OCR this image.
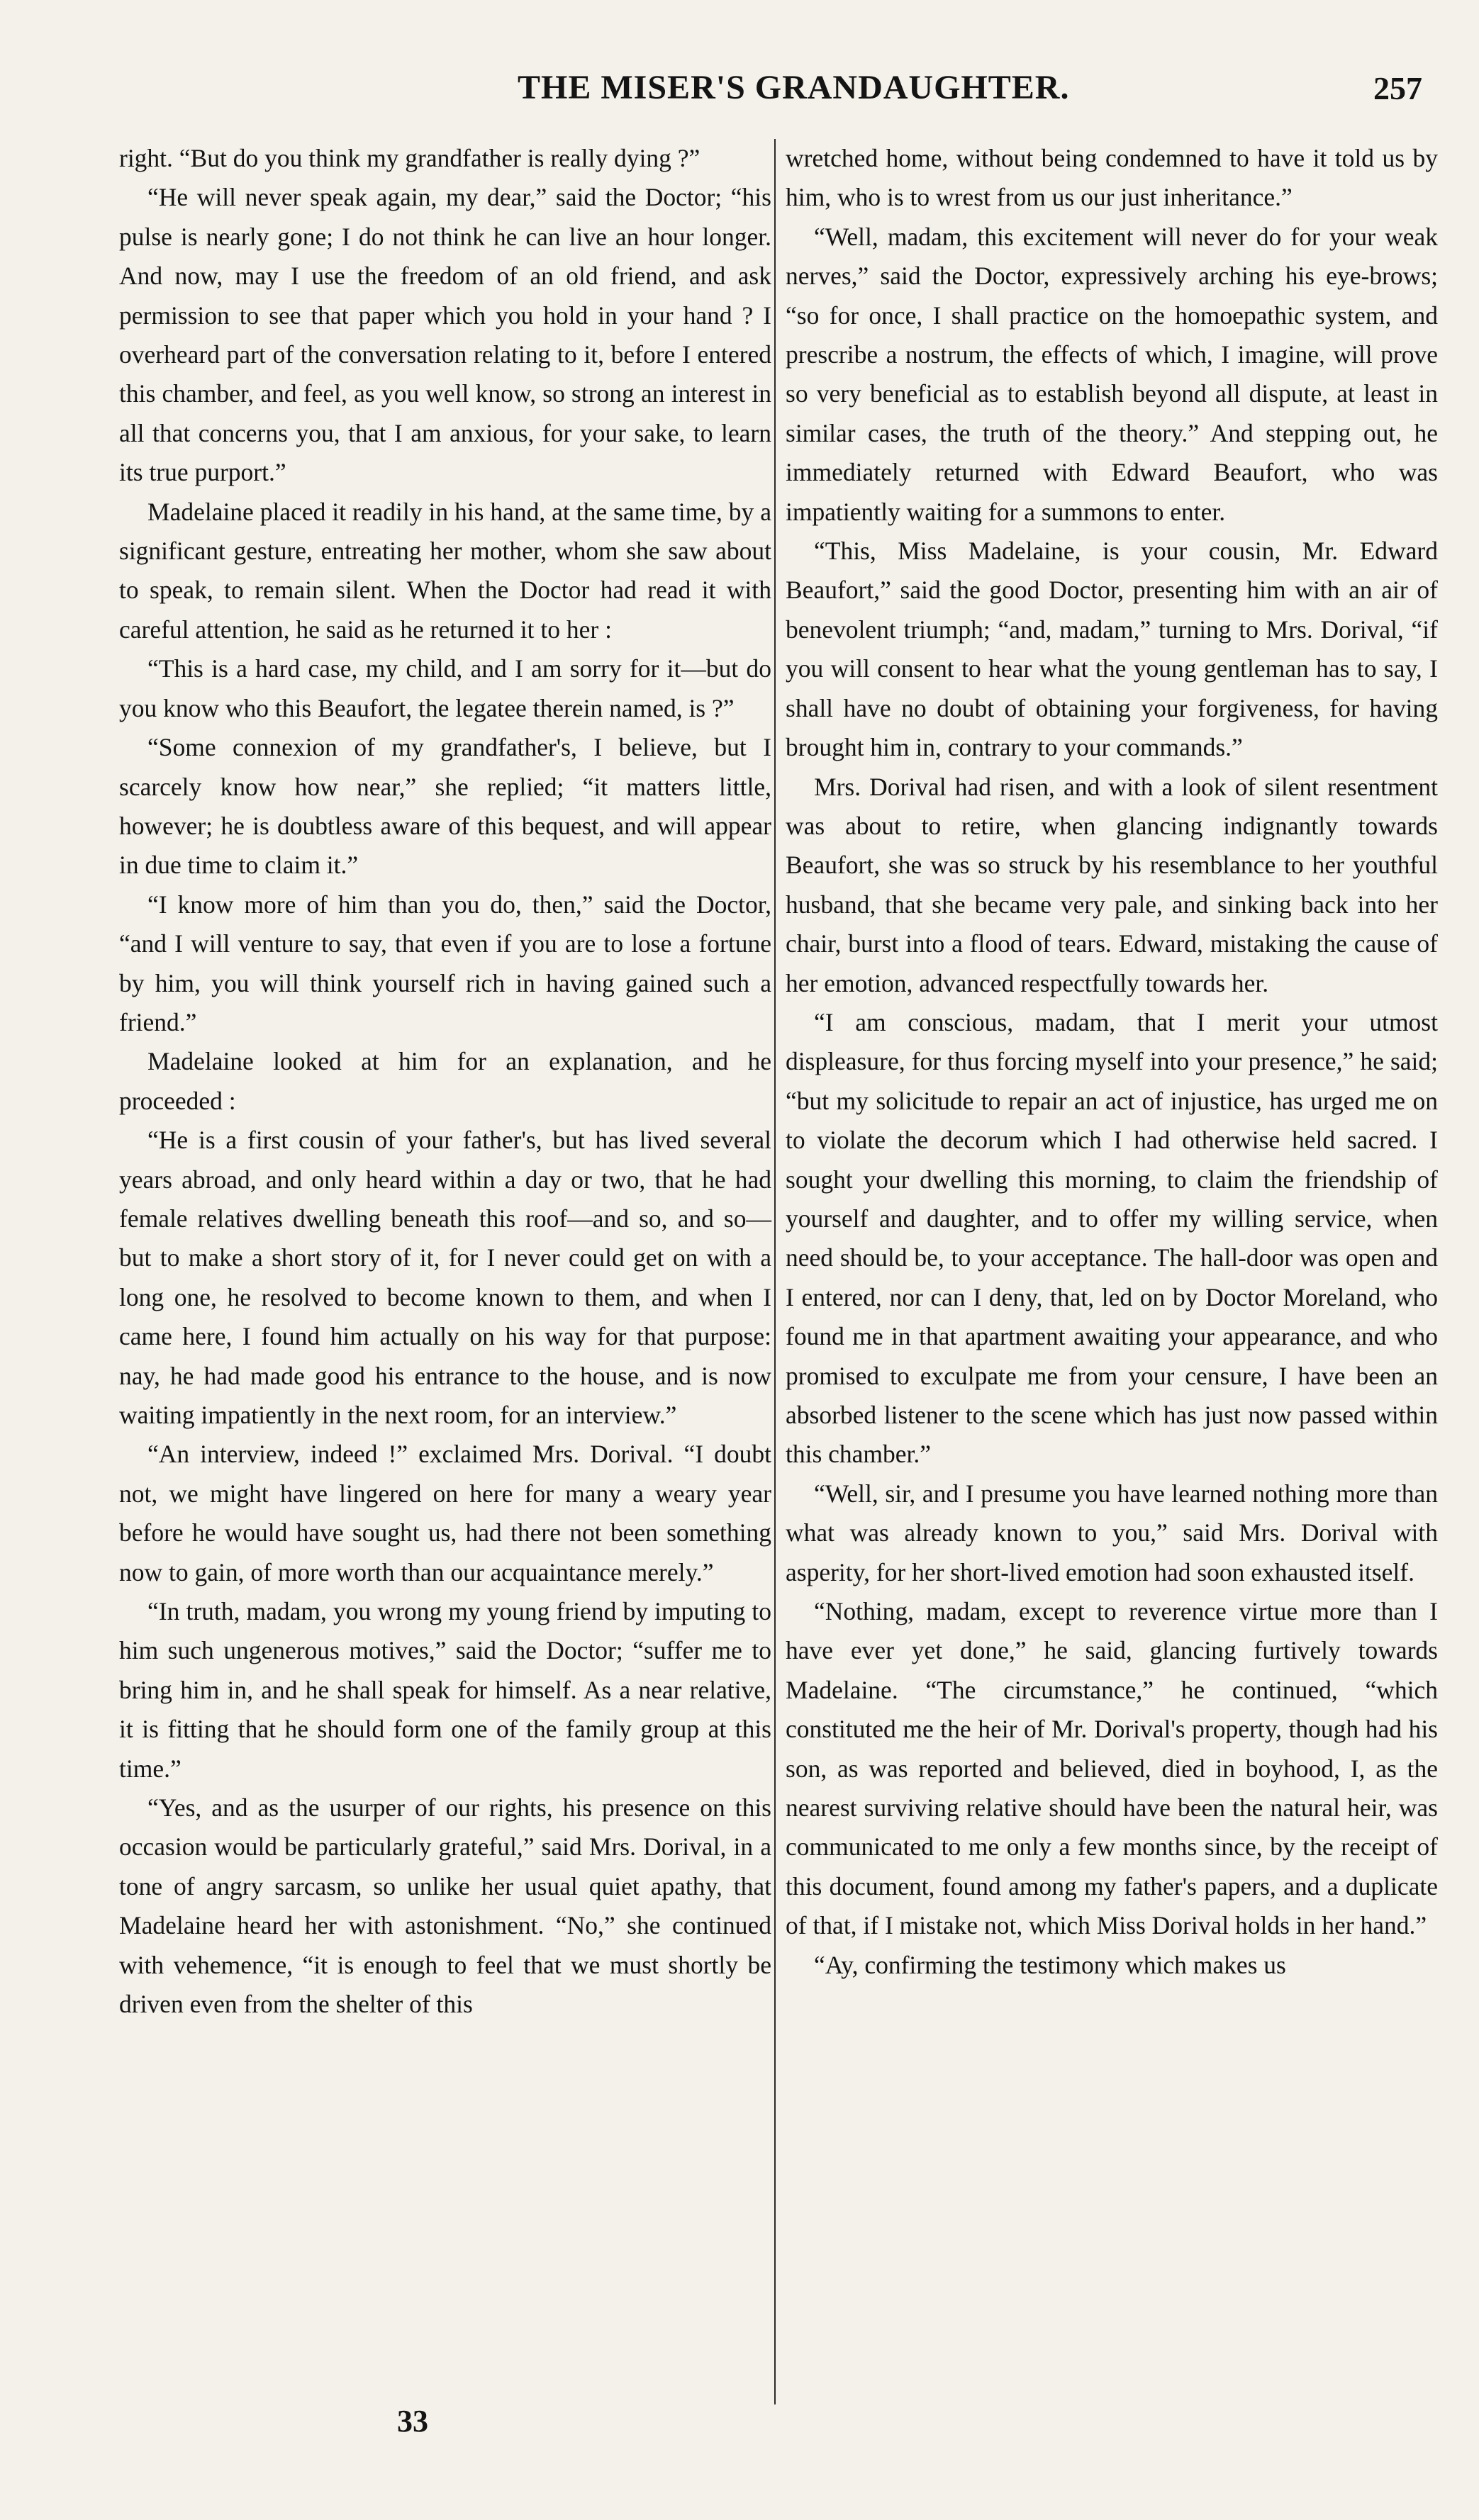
THE MISER'S GRANDAUGHTER.	257

right. “But do you think my grandfather is really dying ?”

“He will never speak again, my dear,” said the Doctor; “his pulse is nearly gone; I do not think he can live an hour longer. And now, may I use the freedom of an old friend, and ask permission to see that paper which you hold in your hand ? I overheard part of the conversation relating to it, before I entered this chamber, and feel, as you well know, so strong an interest in all that concerns you, that I am anxious, for your sake, to learn its true purport.”

Madelaine placed it readily in his hand, at the same time, by a significant gesture, entreating her mother, whom she saw about to speak, to remain silent. When the Doctor had read it with careful attention, he said as he returned it to her :

“This is a hard case, my child, and I am sorry for it—but do you know who this Beaufort, the legatee therein named, is ?”

“Some connexion of my grandfather's, I believe, but I scarcely know how near,” she replied; “it matters little, however; he is doubtless aware of this bequest, and will appear in due time to claim it.”

“I know more of him than you do, then,” said the Doctor, “and I will venture to say, that even if you are to lose a fortune by him, you will think yourself rich in having gained such a friend.”

Madelaine looked at him for an explanation, and he proceeded :

“He is a first cousin of your father's, but has lived several years abroad, and only heard within a day or two, that he had female relatives dwelling beneath this roof—and so, and so—but to make a short story of it, for I never could get on with a long one, he resolved to become known to them, and when I came here, I found him actually on his way for that purpose: nay, he had made good his entrance to the house, and is now waiting impatiently in the next room, for an interview.”

“An interview, indeed !” exclaimed Mrs. Dorival. “I doubt not, we might have lingered on here for many a weary year before he would have sought us, had there not been something now to gain, of more worth than our acquaintance merely.”

“In truth, madam, you wrong my young friend by imputing to him such ungenerous motives,” said the Doctor; “suffer me to bring him in, and he shall speak for himself. As a near relative, it is fitting that he should form one of the family group at this time.”

“Yes, and as the usurper of our rights, his presence on this occasion would be particularly grateful,” said Mrs. Dorival, in a tone of angry sarcasm, so unlike her usual quiet apathy, that Madelaine heard her with astonishment. “No,” she continued with vehemence, “it is enough to feel that we must shortly be driven even from the shelter of this

wretched home, without being condemned to have it told us by him, who is to wrest from us our just inheritance.”

“Well, madam, this excitement will never do for your weak nerves,” said the Doctor, expressively arching his eye-brows; “so for once, I shall practice on the homoepathic system, and prescribe a nostrum, the effects of which, I imagine, will prove so very beneficial as to establish beyond all dispute, at least in similar cases, the truth of the theory.” And stepping out, he immediately returned with Edward Beaufort, who was impatiently waiting for a summons to enter.

“This, Miss Madelaine, is your cousin, Mr. Edward Beaufort,” said the good Doctor, presenting him with an air of benevolent triumph; “and, madam,” turning to Mrs. Dorival, “if you will consent to hear what the young gentleman has to say, I shall have no doubt of obtaining your forgiveness, for having brought him in, contrary to your commands.”

Mrs. Dorival had risen, and with a look of silent resentment was about to retire, when glancing indignantly towards Beaufort, she was so struck by his resemblance to her youthful husband, that she became very pale, and sinking back into her chair, burst into a flood of tears. Edward, mistaking the cause of her emotion, advanced respectfully towards her.

“I am conscious, madam, that I merit your utmost displeasure, for thus forcing myself into your presence,” he said; “but my solicitude to repair an act of injustice, has urged me on to violate the decorum which I had otherwise held sacred. I sought your dwelling this morning, to claim the friendship of yourself and daughter, and to offer my willing service, when need should be, to your acceptance. The hall-door was open and I entered, nor can I deny, that, led on by Doctor Moreland, who found me in that apartment awaiting your appearance, and who promised to exculpate me from your censure, I have been an absorbed listener to the scene which has just now passed within this chamber.”

“Well, sir, and I presume you have learned nothing more than what was already known to you,” said Mrs. Dorival with asperity, for her short-lived emotion had soon exhausted itself.

“Nothing, madam, except to reverence virtue more than I have ever yet done,” he said, glancing furtively towards Madelaine. “The circumstance,” he continued, “which constituted me the heir of Mr. Dorival's property, though had his son, as was reported and believed, died in boyhood, I, as the nearest surviving relative should have been the natural heir, was communicated to me only a few months since, by the receipt of this document, found among my father's papers, and a duplicate of that, if I mistake not, which Miss Dorival holds in her hand.”

“Ay, confirming the testimony which makes us

33
